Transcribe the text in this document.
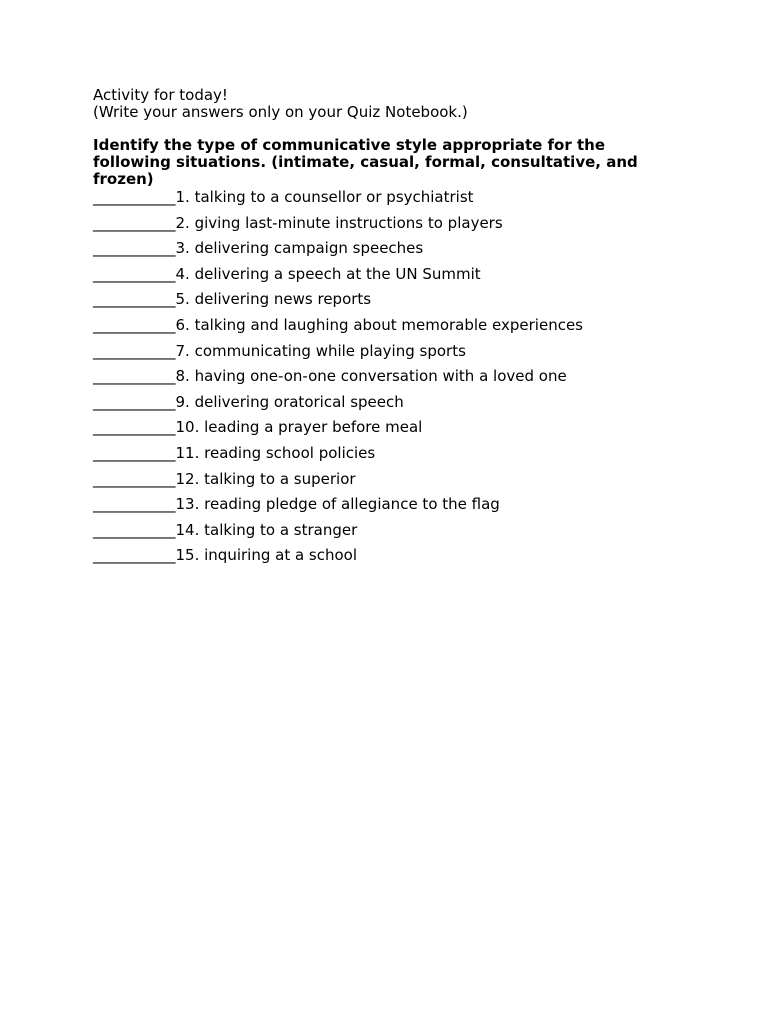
Activity for today!
(Write your answers only on your Quiz Notebook.)
Identify the type of communicative style appropriate for the following situations. (intimate, casual, formal, consultative, and frozen)
___________1. talking to a counsellor or psychiatrist
___________2. giving last-minute instructions to players
___________3. delivering campaign speeches
___________4. delivering a speech at the UN Summit
___________5. delivering news reports
___________6. talking and laughing about memorable experiences
___________7. communicating while playing sports
___________8. having one-on-one conversation with a loved one
___________9. delivering oratorical speech
___________10. leading a prayer before meal
___________11. reading school policies
___________12. talking to a superior
___________13. reading pledge of allegiance to the flag
___________14. talking to a stranger
___________15. inquiring at a school
